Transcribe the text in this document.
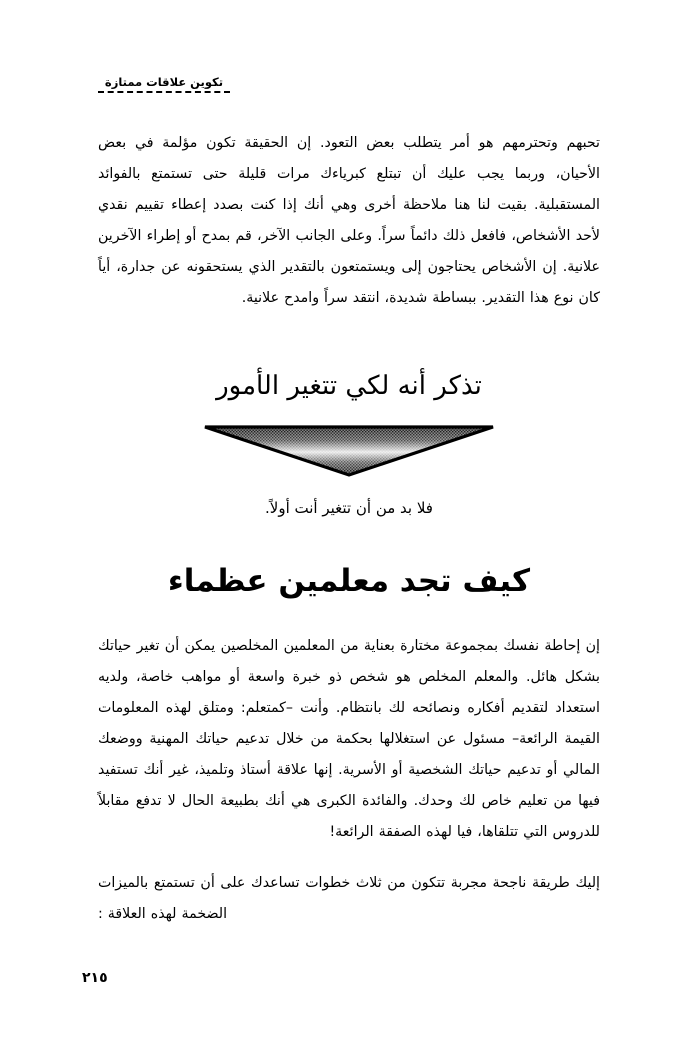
تكوين علاقات ممتازة

تحبهم وتحترمهم هو أمر يتطلب بعض التعود. إن الحقيقة تكون مؤلمة في بعض الأحيان، وربما يجب عليك أن تبتلع كبرياءك مرات قليلة حتى تستمتع بالفوائد المستقبلية. بقيت لنا هنا ملاحظة أخرى وهي أنك إذا كنت بصدد إعطاء تقييم نقدي لأحد الأشخاص، فافعل ذلك دائماً سراً. وعلى الجانب الآخر، قم بمدح أو إطراء الآخرين علانية. إن الأشخاص يحتاجون إلى ويستمتعون بالتقدير الذي يستحقونه عن جدارة، أياً كان نوع هذا التقدير. ببساطة شديدة، انتقد سراً وامدح علانية.

تذكر أنه لكي تتغير الأمور

فلا بد من أن تتغير أنت أولاً.

كيف تجد معلمين عظماء

إن إحاطة نفسك بمجموعة مختارة بعناية من المعلمين المخلصين يمكن أن تغير حياتك بشكل هائل. والمعلم المخلص هو شخص ذو خبرة واسعة أو مواهب خاصة، ولديه استعداد لتقديم أفكاره ونصائحه لك بانتظام. وأنت –كمتعلم: ومتلق لهذه المعلومات القيمة الرائعة– مسئول عن استغلالها بحكمة من خلال تدعيم حياتك المهنية ووضعك المالي أو تدعيم حياتك الشخصية أو الأسرية. إنها علاقة أستاذ وتلميذ، غير أنك تستفيد فيها من تعليم خاص لك وحدك. والفائدة الكبرى هي أنك بطبيعة الحال لا تدفع مقابلاً للدروس التي تتلقاها، فيا لهذه الصفقة الرائعة!

إليك طريقة ناجحة مجربة تتكون من ثلاث خطوات تساعدك على أن تستمتع بالميزات الضخمة لهذه العلاقة :

٢١٥
